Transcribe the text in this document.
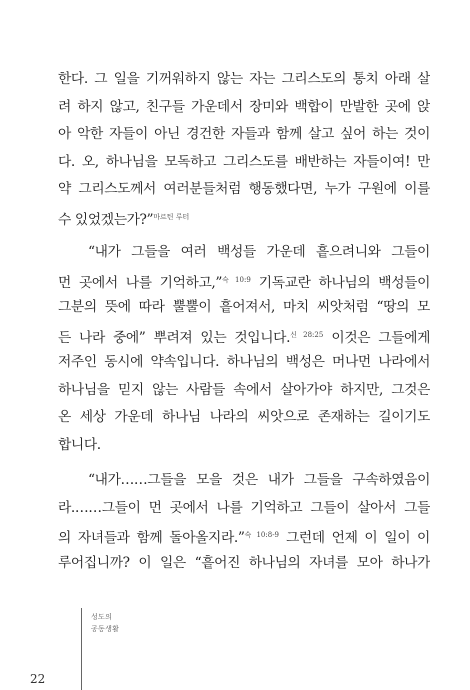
한다. 그 일을 기꺼워하지 않는 자는 그리스도의 통치 아래 살
려 하지 않고, 친구들 가운데서 장미와 백합이 만발한 곳에 앉
아 악한 자들이 아닌 경건한 자들과 함께 살고 싶어 하는 것이
다. 오, 하나님을 모독하고 그리스도를 배반하는 자들이여! 만
약 그리스도께서 여러분들처럼 행동했다면, 누가 구원에 이를
수 있었겠는가?”$^{마르틴 루터}$
“내가 그들을 여러 백성들 가운데 흩으려니와 그들이
먼 곳에서 나를 기억하고,”$^{슥 10:9}$ 기독교란 하나님의 백성들이
그분의 뜻에 따라 뿔뿔이 흩어져서, 마치 씨앗처럼 “땅의 모
든 나라 중에” 뿌려져 있는 것입니다.$^{신 28:25}$ 이것은 그들에게
저주인 동시에 약속입니다. 하나님의 백성은 머나먼 나라에서
하나님을 믿지 않는 사람들 속에서 살아가야 하지만, 그것은
온 세상 가운데 하나님 나라의 씨앗으로 존재하는 길이기도
합니다.
“내가……그들을 모을 것은 내가 그들을 구속하였음이
라.……그들이 먼 곳에서 나를 기억하고 그들이 살아서 그들
의 자녀들과 함께 돌아올지라.”$^{슥 10:8-9}$ 그런데 언제 이 일이 이
루어집니까? 이 일은 “흩어진 하나님의 자녀를 모아 하나가
성도의
공동생활
22
